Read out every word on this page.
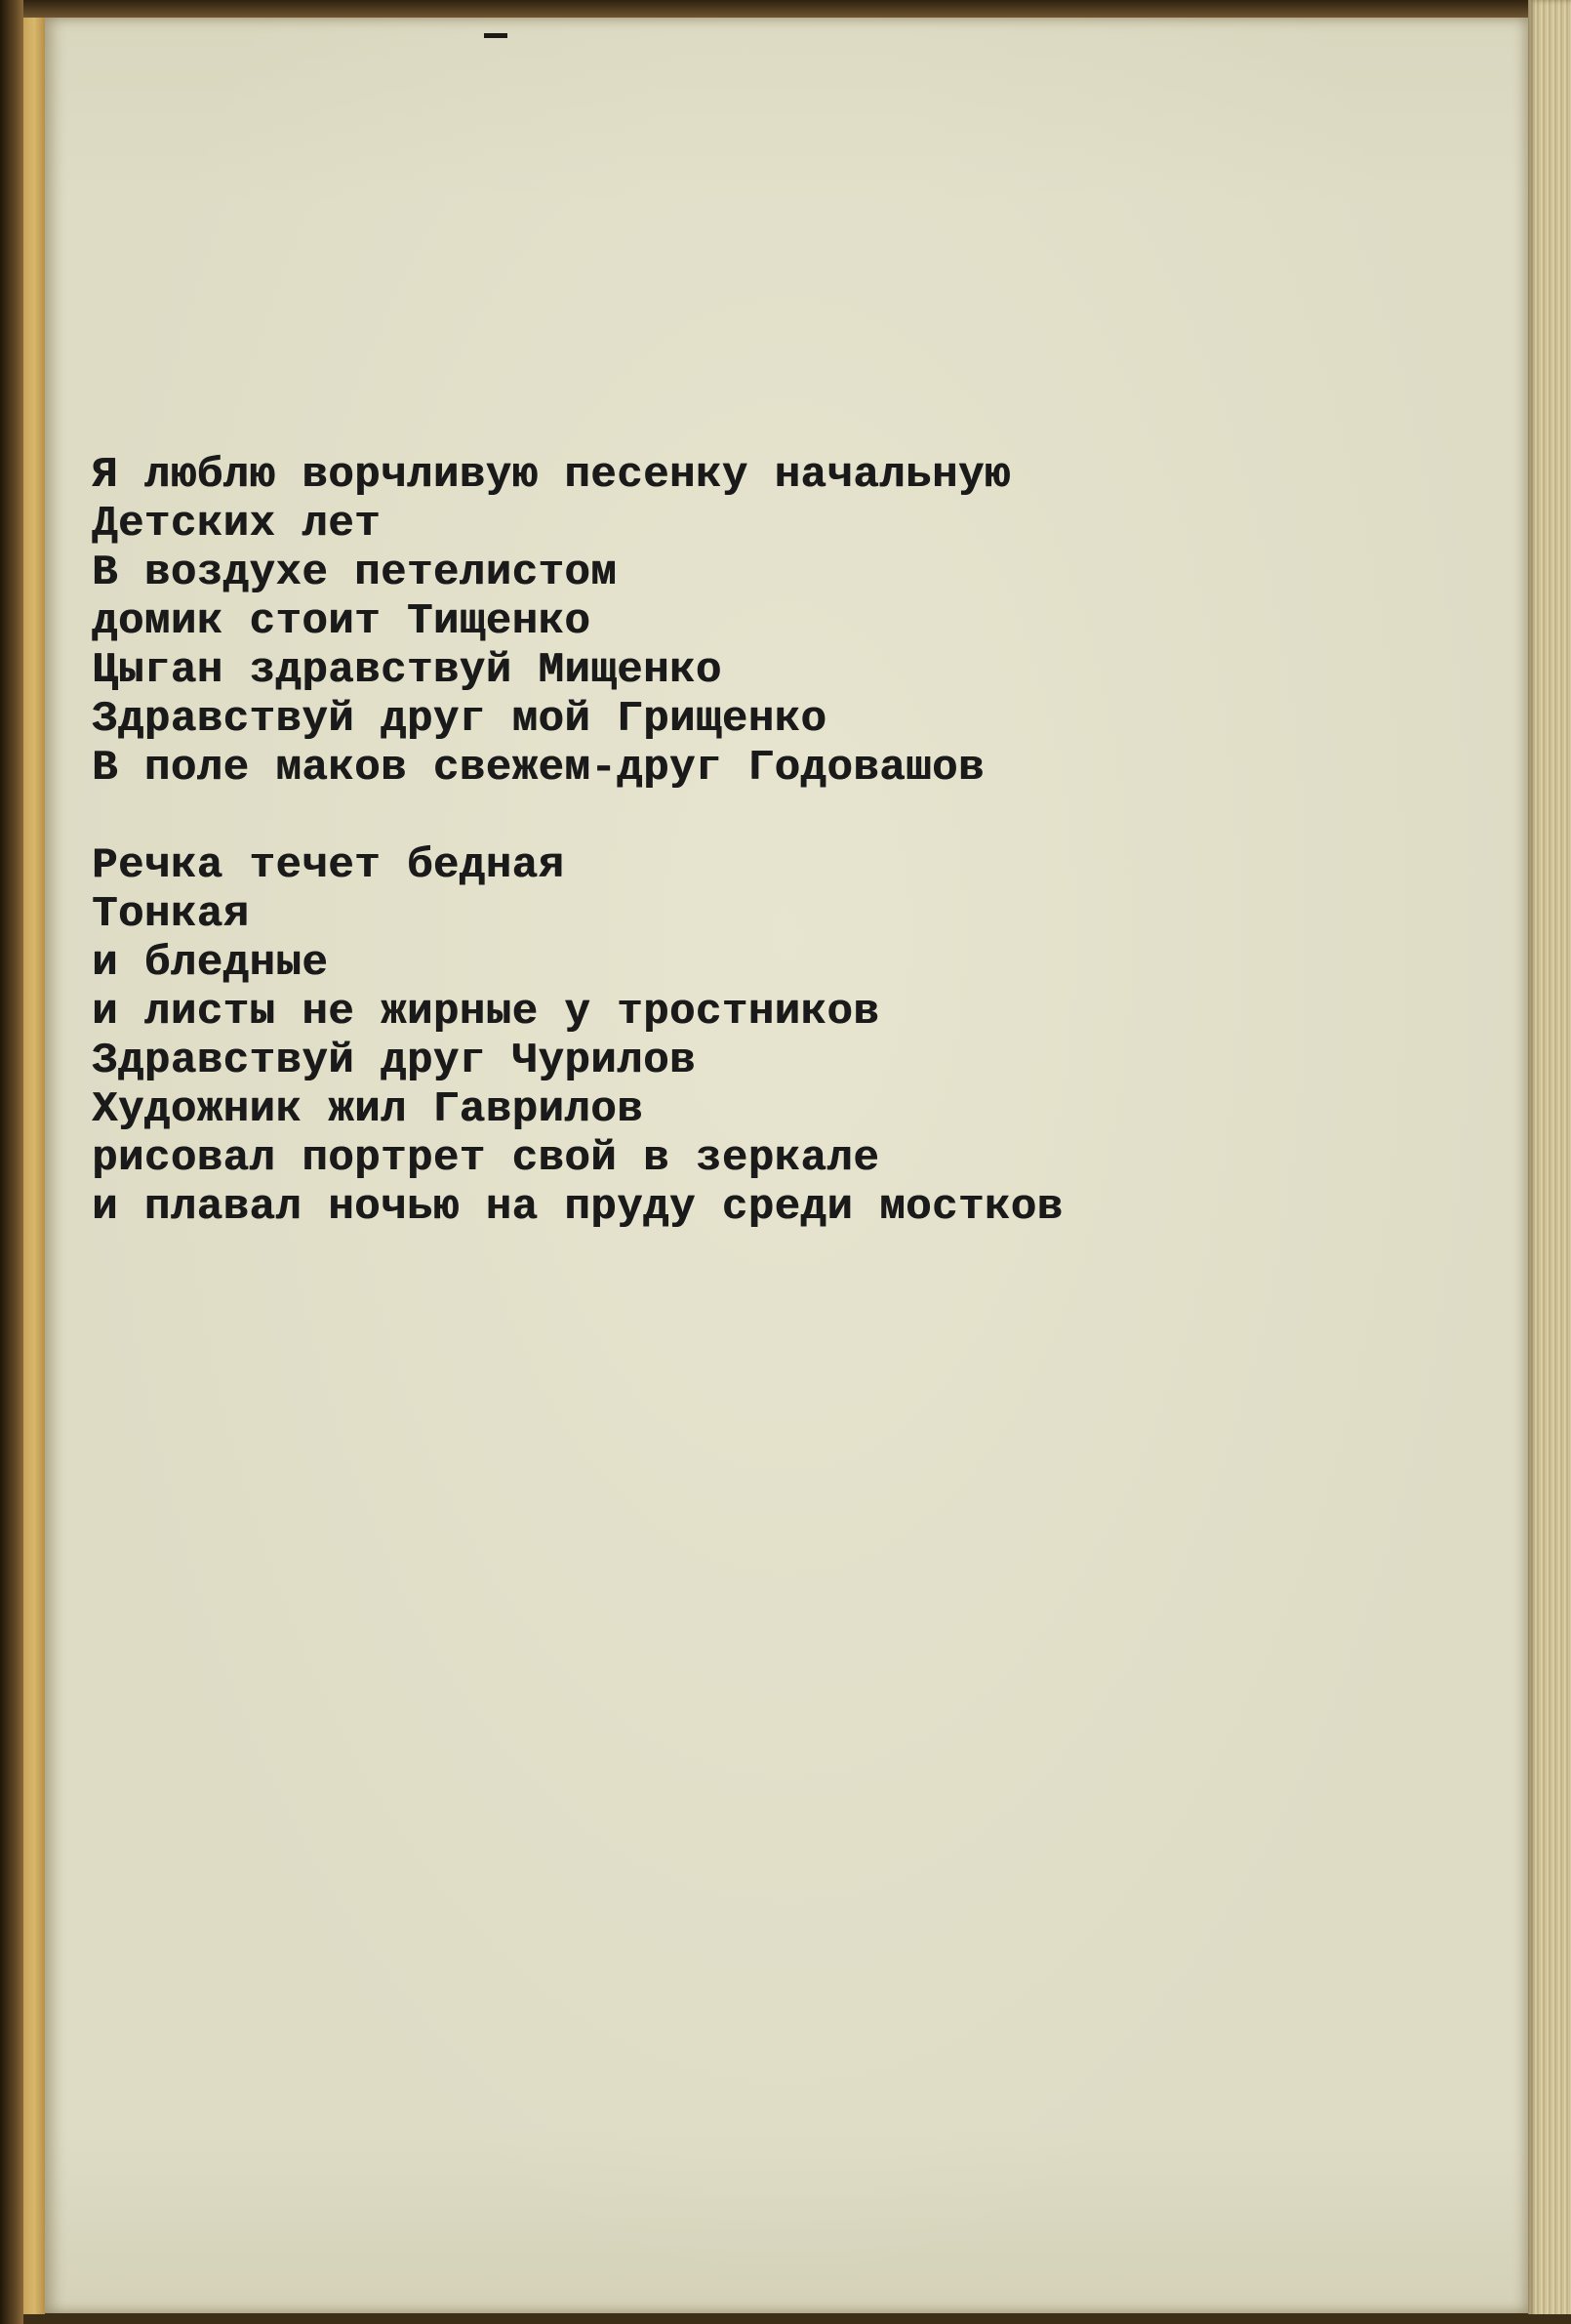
Я люблю ворчливую песенку начальную
Детских лет
В воздухе петелистом
домик стоит Тищенко
Цыган здравствуй Мищенко
Здравствуй друг мой Грищенко
В поле маков свежем-друг Годовашов
Речка течет бедная
Тонкая
и бледные
и листы не жирные у тростников
Здравствуй друг Чурилов
Художник жил Гаврилов
рисовал портрет свой в зеркале
и плавал ночью на пруду среди мостков
